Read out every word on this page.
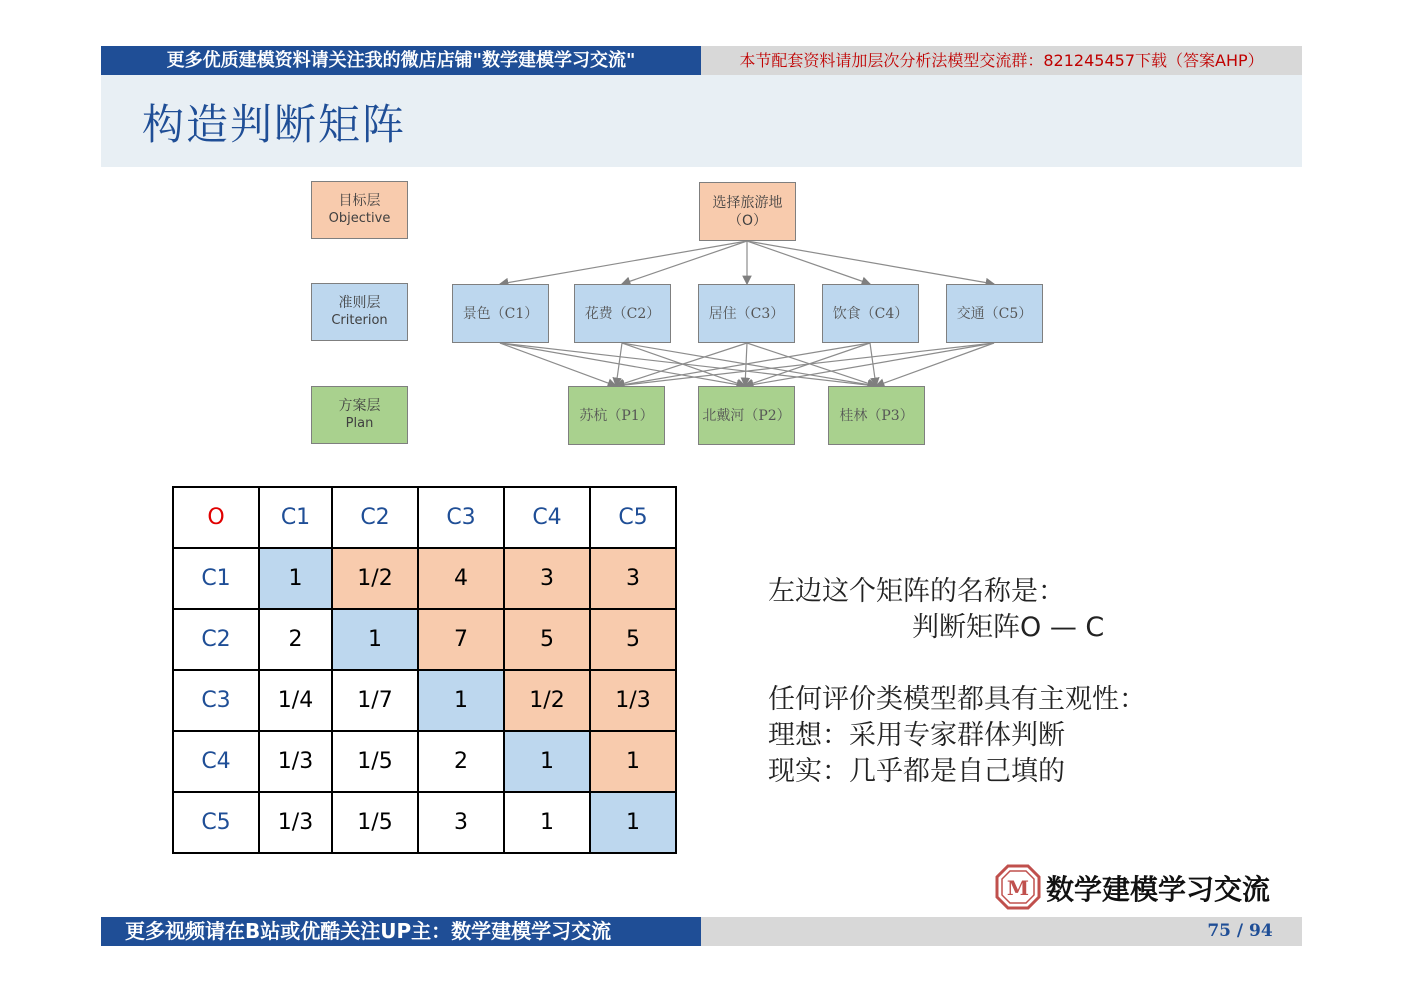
更多优质建模资料请关注我的微店店铺"数学建模学习交流"	本节配套资料请加层次分析法模型交流群：821245457下载（答案AHP）
构造判断矩阵
目标层
Objective
准则层
Criterion
方案层
Plan
选择旅游地
（O）
景色（C1）	花费（C2）	居住（C3）	饮食（C4）	交通（C5）
苏杭（P1）	北戴河（P2）	桂林（P3）
O	C1	C2	C3	C4	C5
C1	1	1/2	4	3	3
C2	2	1	7	5	5
C3	1/4	1/7	1	1/2	1/3
C4	1/3	1/5	2	1	1
C5	1/3	1/5	3	1	1
左边这个矩阵的名称是：
判断矩阵O — C
任何评价类模型都具有主观性：
理想：采用专家群体判断
现实：几乎都是自己填的
M 数学建模学习交流
更多视频请在B站或优酷关注UP主：数学建模学习交流	75 / 94
